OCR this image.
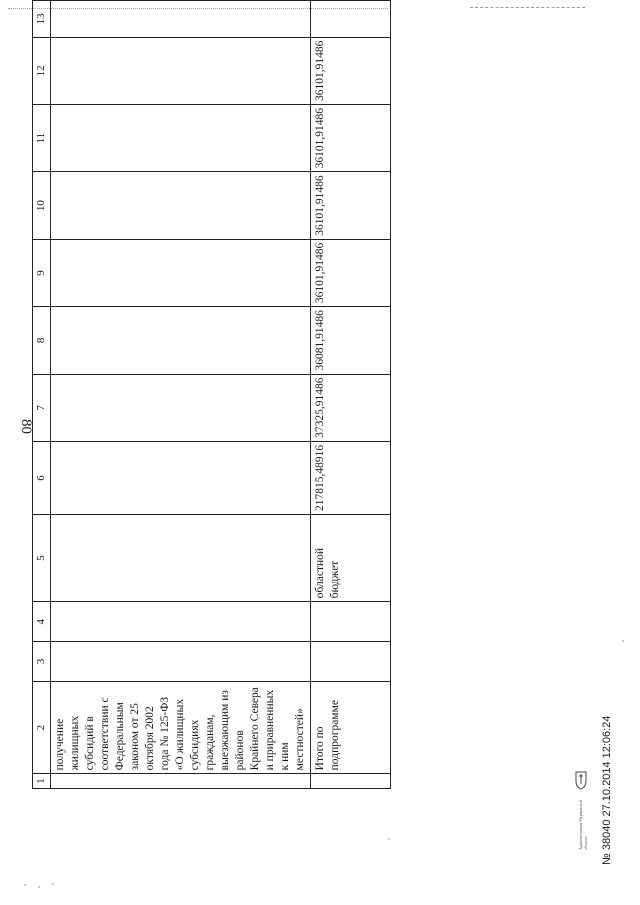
1	2	3	4	5	6	7	8	9	10	11	12	13
	получение жилищных субсидий в соответствии с Федеральным законом от 25 октября 2002 года № 125-ФЗ «О жилищных субсидиях гражданам, выезжающим из районов Крайнего Севера и приравненных к ним местностей»											
	Итого по подпрограмме			областной бюджет	217815,48916	37325,91486	36081,91486	36101,91486	36101,91486	36101,91486	36101,91486	
80
Администрация Мурманской области № 38040 27.10.2014 12:06:24
